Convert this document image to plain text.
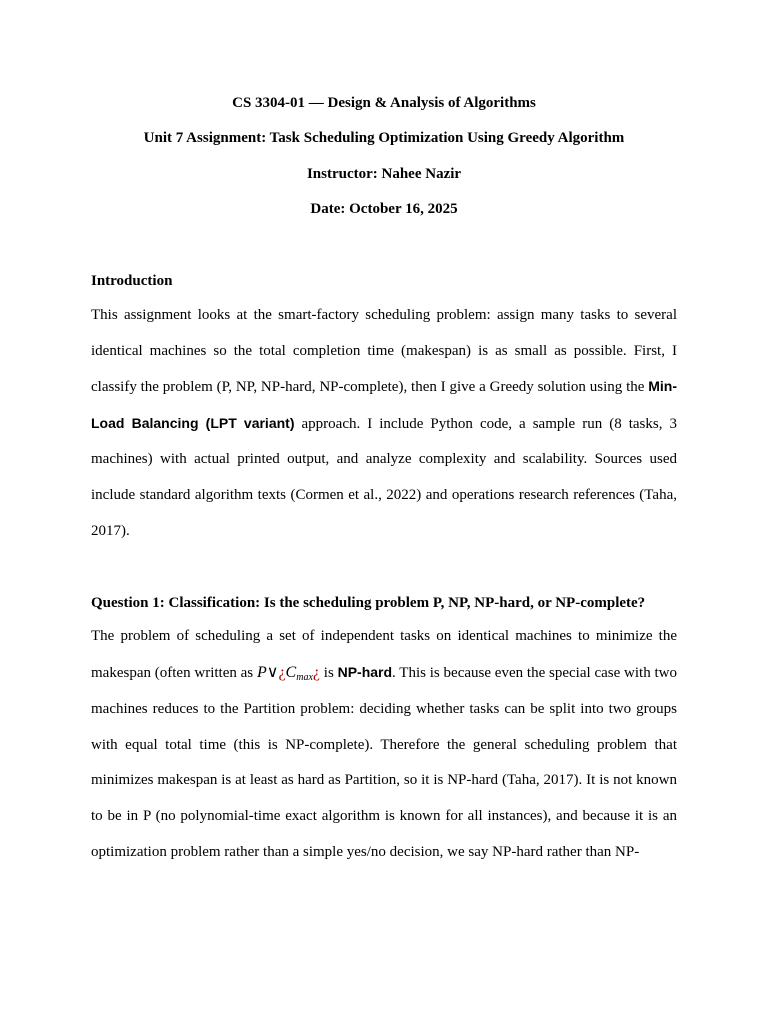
CS 3304-01 — Design & Analysis of Algorithms
Unit 7 Assignment: Task Scheduling Optimization Using Greedy Algorithm
Instructor: Nahee Nazir
Date: October 16, 2025
Introduction
This assignment looks at the smart-factory scheduling problem: assign many tasks to several identical machines so the total completion time (makespan) is as small as possible. First, I classify the problem (P, NP, NP-hard, NP-complete), then I give a Greedy solution using the Min-Load Balancing (LPT variant) approach. I include Python code, a sample run (8 tasks, 3 machines) with actual printed output, and analyze complexity and scalability. Sources used include standard algorithm texts (Cormen et al., 2022) and operations research references (Taha, 2017).
Question 1: Classification: Is the scheduling problem P, NP, NP-hard, or NP-complete?
The problem of scheduling a set of independent tasks on identical machines to minimize the makespan (often written as P∨¿Cmax¿ is NP-hard. This is because even the special case with two machines reduces to the Partition problem: deciding whether tasks can be split into two groups with equal total time (this is NP-complete). Therefore the general scheduling problem that minimizes makespan is at least as hard as Partition, so it is NP-hard (Taha, 2017). It is not known to be in P (no polynomial-time exact algorithm is known for all instances), and because it is an optimization problem rather than a simple yes/no decision, we say NP-hard rather than NP-
